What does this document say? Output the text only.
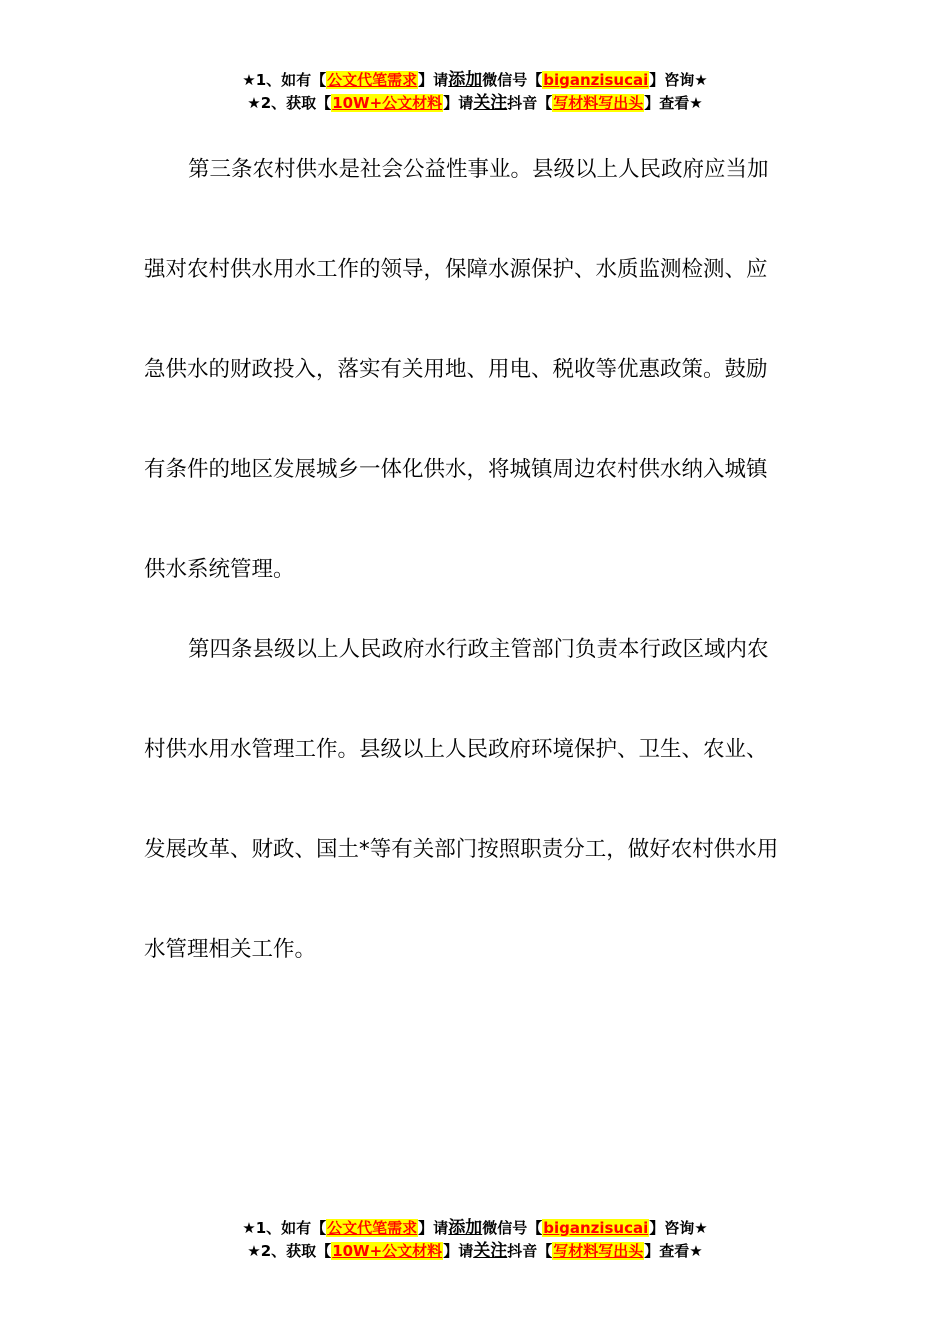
★1、如有【公文代笔需求】请添加微信号【biganzisucai】咨询★
★2、获取【10W+公文材料】请关注抖音【写材料写出头】查看★

第三条农村供水是社会公益性事业。县级以上人民政府应当加
强对农村供水用水工作的领导，保障水源保护、水质监测检测、应
急供水的财政投入，落实有关用地、用电、税收等优惠政策。鼓励
有条件的地区发展城乡一体化供水，将城镇周边农村供水纳入城镇
供水系统管理。

第四条县级以上人民政府水行政主管部门负责本行政区域内农
村供水用水管理工作。县级以上人民政府环境保护、卫生、农业、
发展改革、财政、国土*等有关部门按照职责分工，做好农村供水用
水管理相关工作。

★1、如有【公文代笔需求】请添加微信号【biganzisucai】咨询★
★2、获取【10W+公文材料】请关注抖音【写材料写出头】查看★
